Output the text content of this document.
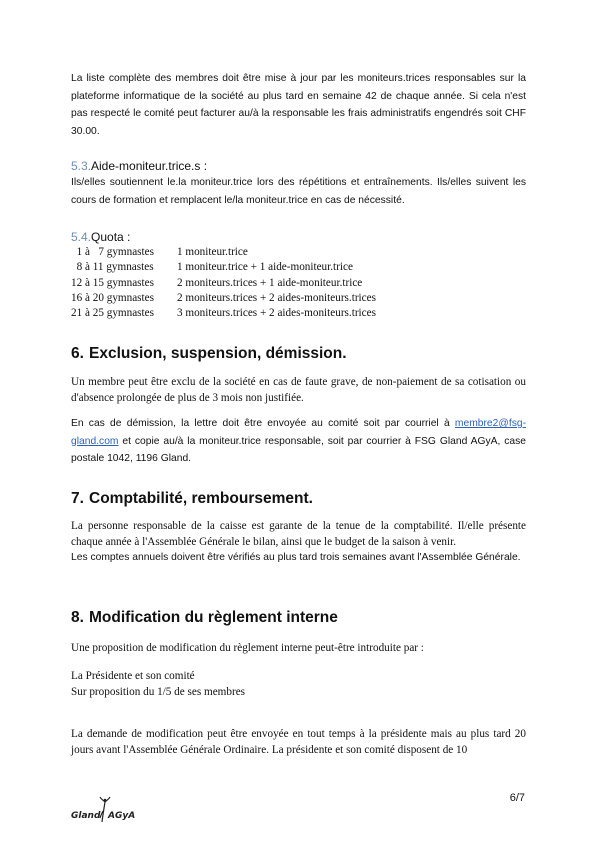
La liste complète des membres doit être mise à jour par les moniteurs.trices responsables sur la plateforme informatique de la société au plus tard en semaine 42 de chaque année. Si cela n'est pas respecté le comité peut facturer au/à la responsable les frais administratifs engendrés soit CHF 30.00.

5.3.Aide-moniteur.trice.s :

Ils/elles soutiennent le.la moniteur.trice lors des répétitions et entraînements. Ils/elles suivent les cours de formation et remplacent le/la moniteur.trice en cas de nécessité.

5.4.Quota :
1 à   7 gymnastes	1 moniteur.trice
8 à 11 gymnastes	1 moniteur.trice + 1 aide-moniteur.trice
12 à 15 gymnastes	2 moniteurs.trices + 1 aide-moniteur.trice
16 à 20 gymnastes	2 moniteurs.trices + 2 aides-moniteurs.trices
21 à 25 gymnastes	3 moniteurs.trices + 2 aides-moniteurs.trices
6. Exclusion, suspension, démission.

Un membre peut être exclu de la société en cas de faute grave, de non-paiement de sa cotisation ou d'absence prolongée de plus de 3 mois non justifiée.

En cas de démission, la lettre doit être envoyée au comité soit par courriel à membre2@fsg-gland.com et copie au/à la moniteur.trice responsable, soit par courrier à FSG Gland AGyA, case postale 1042, 1196 Gland.

7. Comptabilité, remboursement.

La personne responsable de la caisse est garante de la tenue de la comptabilité. Il/elle présente chaque année à l'Assemblée Générale le bilan, ainsi que le budget de la saison à venir.

Les comptes annuels doivent être vérifiés au plus tard trois semaines avant l'Assemblée Générale.

8. Modification du règlement interne

Une proposition de modification du règlement interne peut-être introduite par :

La Présidente et son comité

Sur proposition du 1/5 de ses membres

La demande de modification peut être envoyée en tout temps à la présidente mais au plus tard 20 jours avant l'Assemblée Générale Ordinaire. La présidente et son comité disposent de 10

Gland AGyA
6/7
